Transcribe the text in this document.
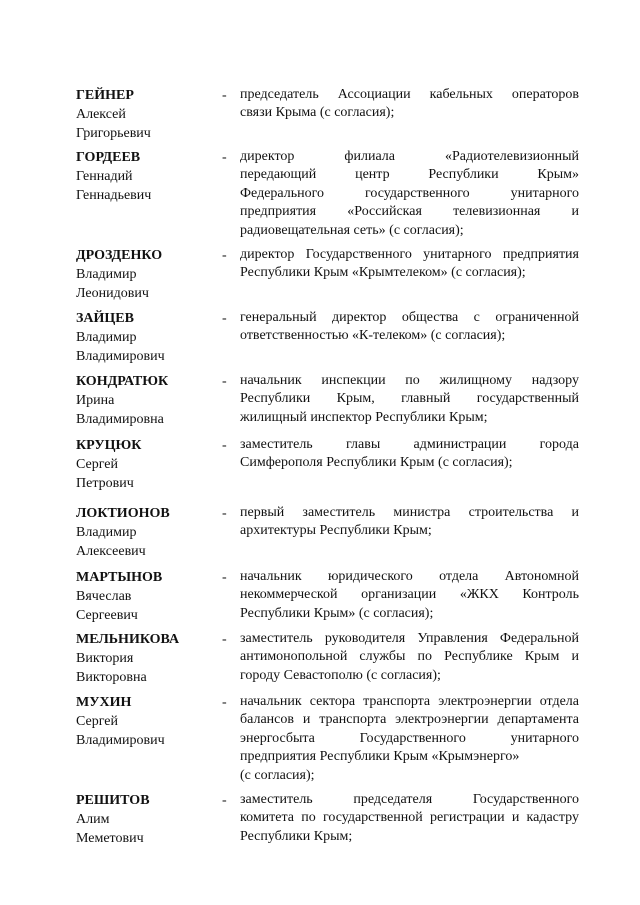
ГЕЙНЕР
Алексей
Григорьевич
- председатель Ассоциации кабельных операторов
связи Крыма (с согласия);
ГОРДЕЕВ
Геннадий
Геннадьевич
- директор филиала «Радиотелевизионный
передающий центр Республики Крым»
Федерального государственного унитарного
предприятия «Российская телевизионная и
радиовещательная сеть» (с согласия);
ДРОЗДЕНКО
Владимир
Леонидович
- директор Государственного унитарного предприятия
Республики Крым «Крымтелеком» (с согласия);
ЗАЙЦЕВ
Владимир
Владимирович
- генеральный директор общества с ограниченной
ответственностью «К-телеком» (с согласия);
КОНДРАТЮК
Ирина
Владимировна
- начальник инспекции по жилищному надзору
Республики Крым, главный государственный
жилищный инспектор Республики Крым;
КРУЦЮК
Сергей
Петрович
- заместитель главы администрации города
Симферополя Республики Крым (с согласия);
ЛОКТИОНОВ
Владимир
Алексеевич
- первый заместитель министра строительства и
архитектуры Республики Крым;
МАРТЫНОВ
Вячеслав
Сергеевич
- начальник юридического отдела Автономной
некоммерческой организации «ЖКХ Контроль
Республики Крым» (с согласия);
МЕЛЬНИКОВА
Виктория
Викторовна
- заместитель руководителя Управления Федеральной
антимонопольной службы по Республике Крым и
городу Севастополю (с согласия);
МУХИН
Сергей
Владимирович
- начальник сектора транспорта электроэнергии отдела
балансов и транспорта электроэнергии департамента
энергосбыта Государственного унитарного
предприятия Республики Крым «Крымэнерго»
(с согласия);
РЕШИТОВ
Алим
Меметович
- заместитель председателя Государственного
комитета по государственной регистрации и кадастру
Республики Крым;
